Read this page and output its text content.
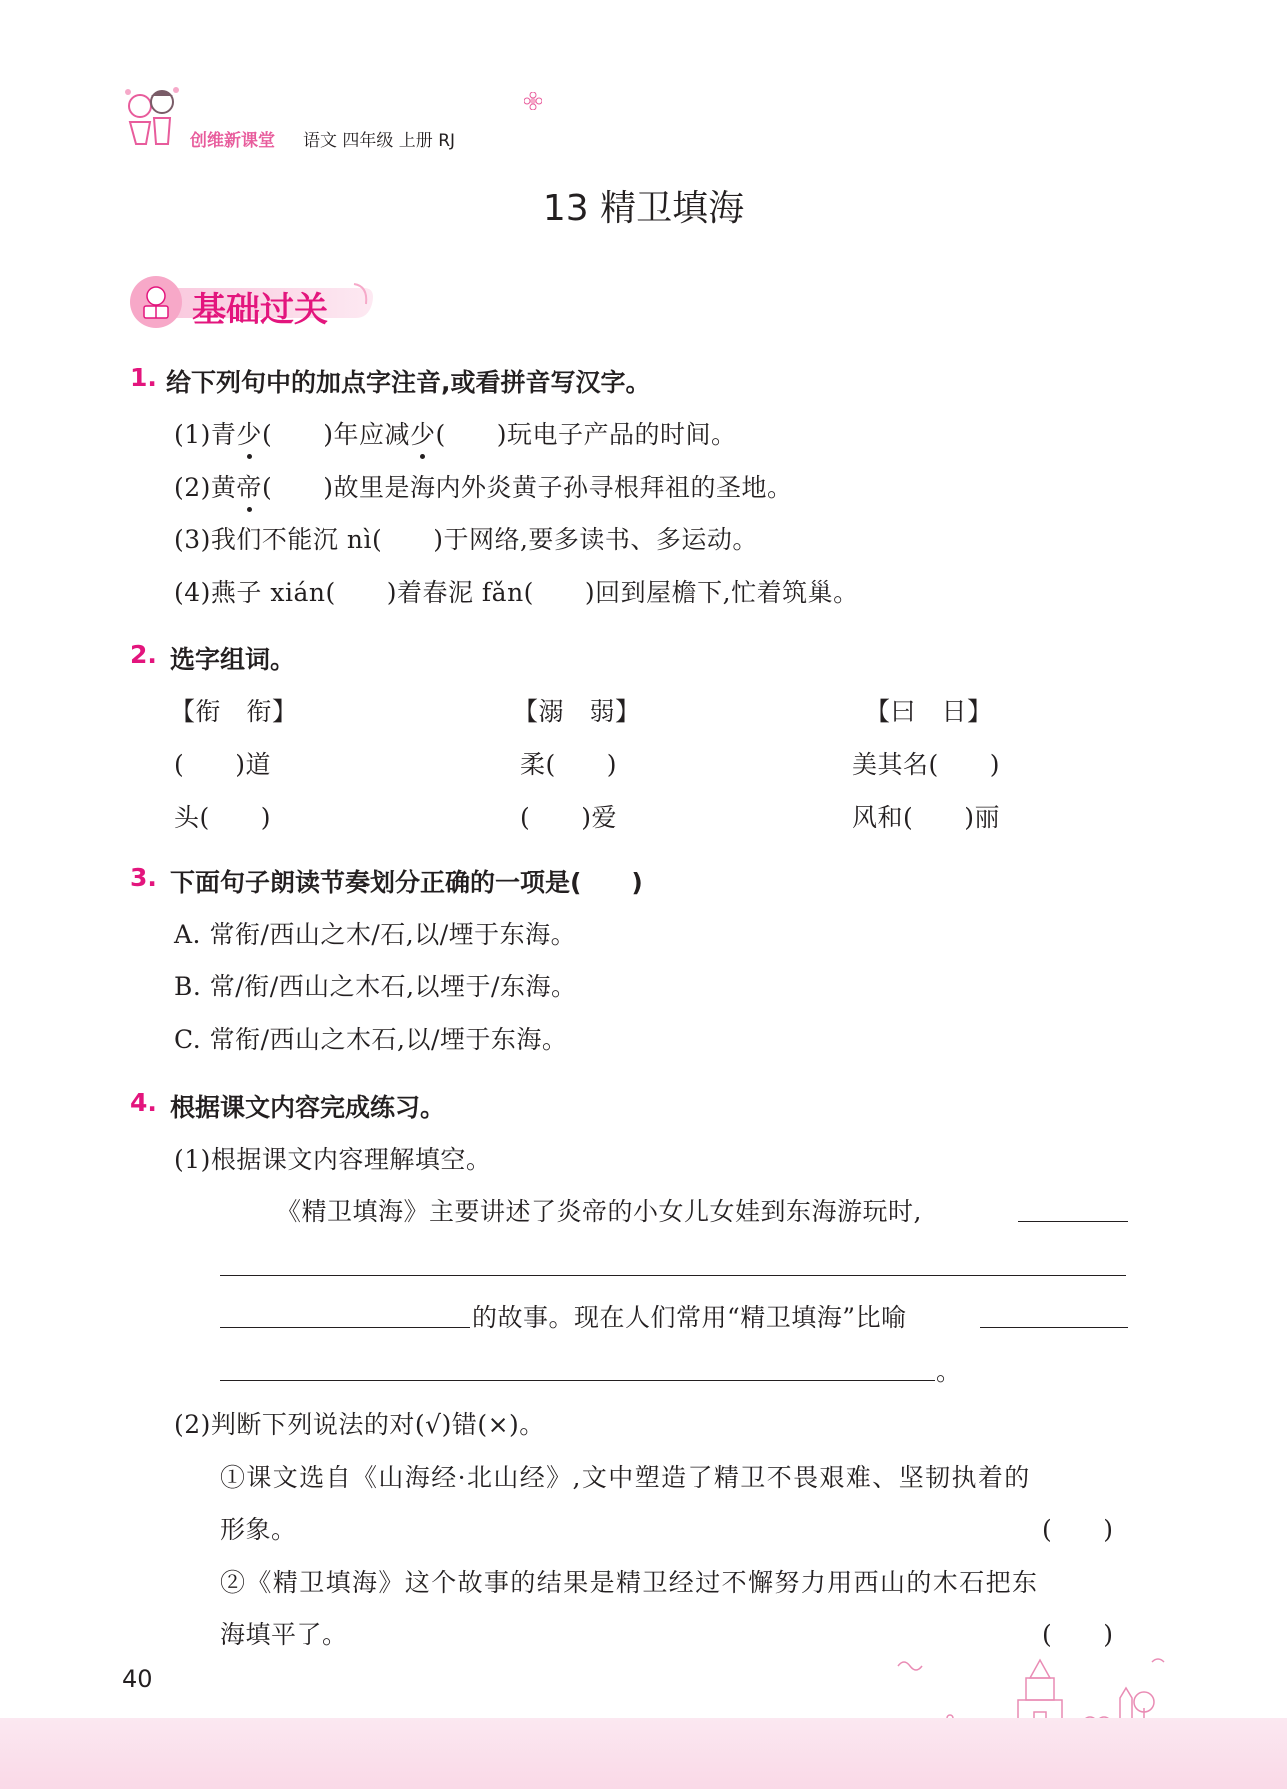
创维新课堂 语文 四年级 上册 RJ
13 精卫填海
基础过关
1. 给下列句中的加点字注音,或看拼音写汉字。
(1)青少(　　)年应减少(　　)玩电子产品的时间。
(2)黄帝(　　)故里是海内外炎黄子孙寻根拜祖的圣地。
(3)我们不能沉 nì(　　)于网络,要多读书、多运动。
(4)燕子 xián(　　)着春泥 fǎn(　　)回到屋檐下,忙着筑巢。
2. 选字组词。
【衔　衔】
(　　)道
头(　　)
【溺　弱】
柔(　　)
(　　)爱
【曰　日】
美其名(　　)
风和(　　)丽
3. 下面句子朗读节奏划分正确的一项是(　　)
A. 常衔/西山之木/石,以/堙于东海。
B. 常/衔/西山之木石,以堙于/东海。
C. 常衔/西山之木石,以/堙于东海。
4. 根据课文内容完成练习。
(1)根据课文内容理解填空。
《精卫填海》主要讲述了炎帝的小女儿女娃到东海游玩时,
的故事。现在人们常用“精卫填海”比喻
。
(2)判断下列说法的对(√)错(×)。
①课文选自《山海经·北山经》,文中塑造了精卫不畏艰难、坚韧执着的
形象。	(　　)
②《精卫填海》这个故事的结果是精卫经过不懈努力用西山的木石把东
海填平了。	(　　)
40
